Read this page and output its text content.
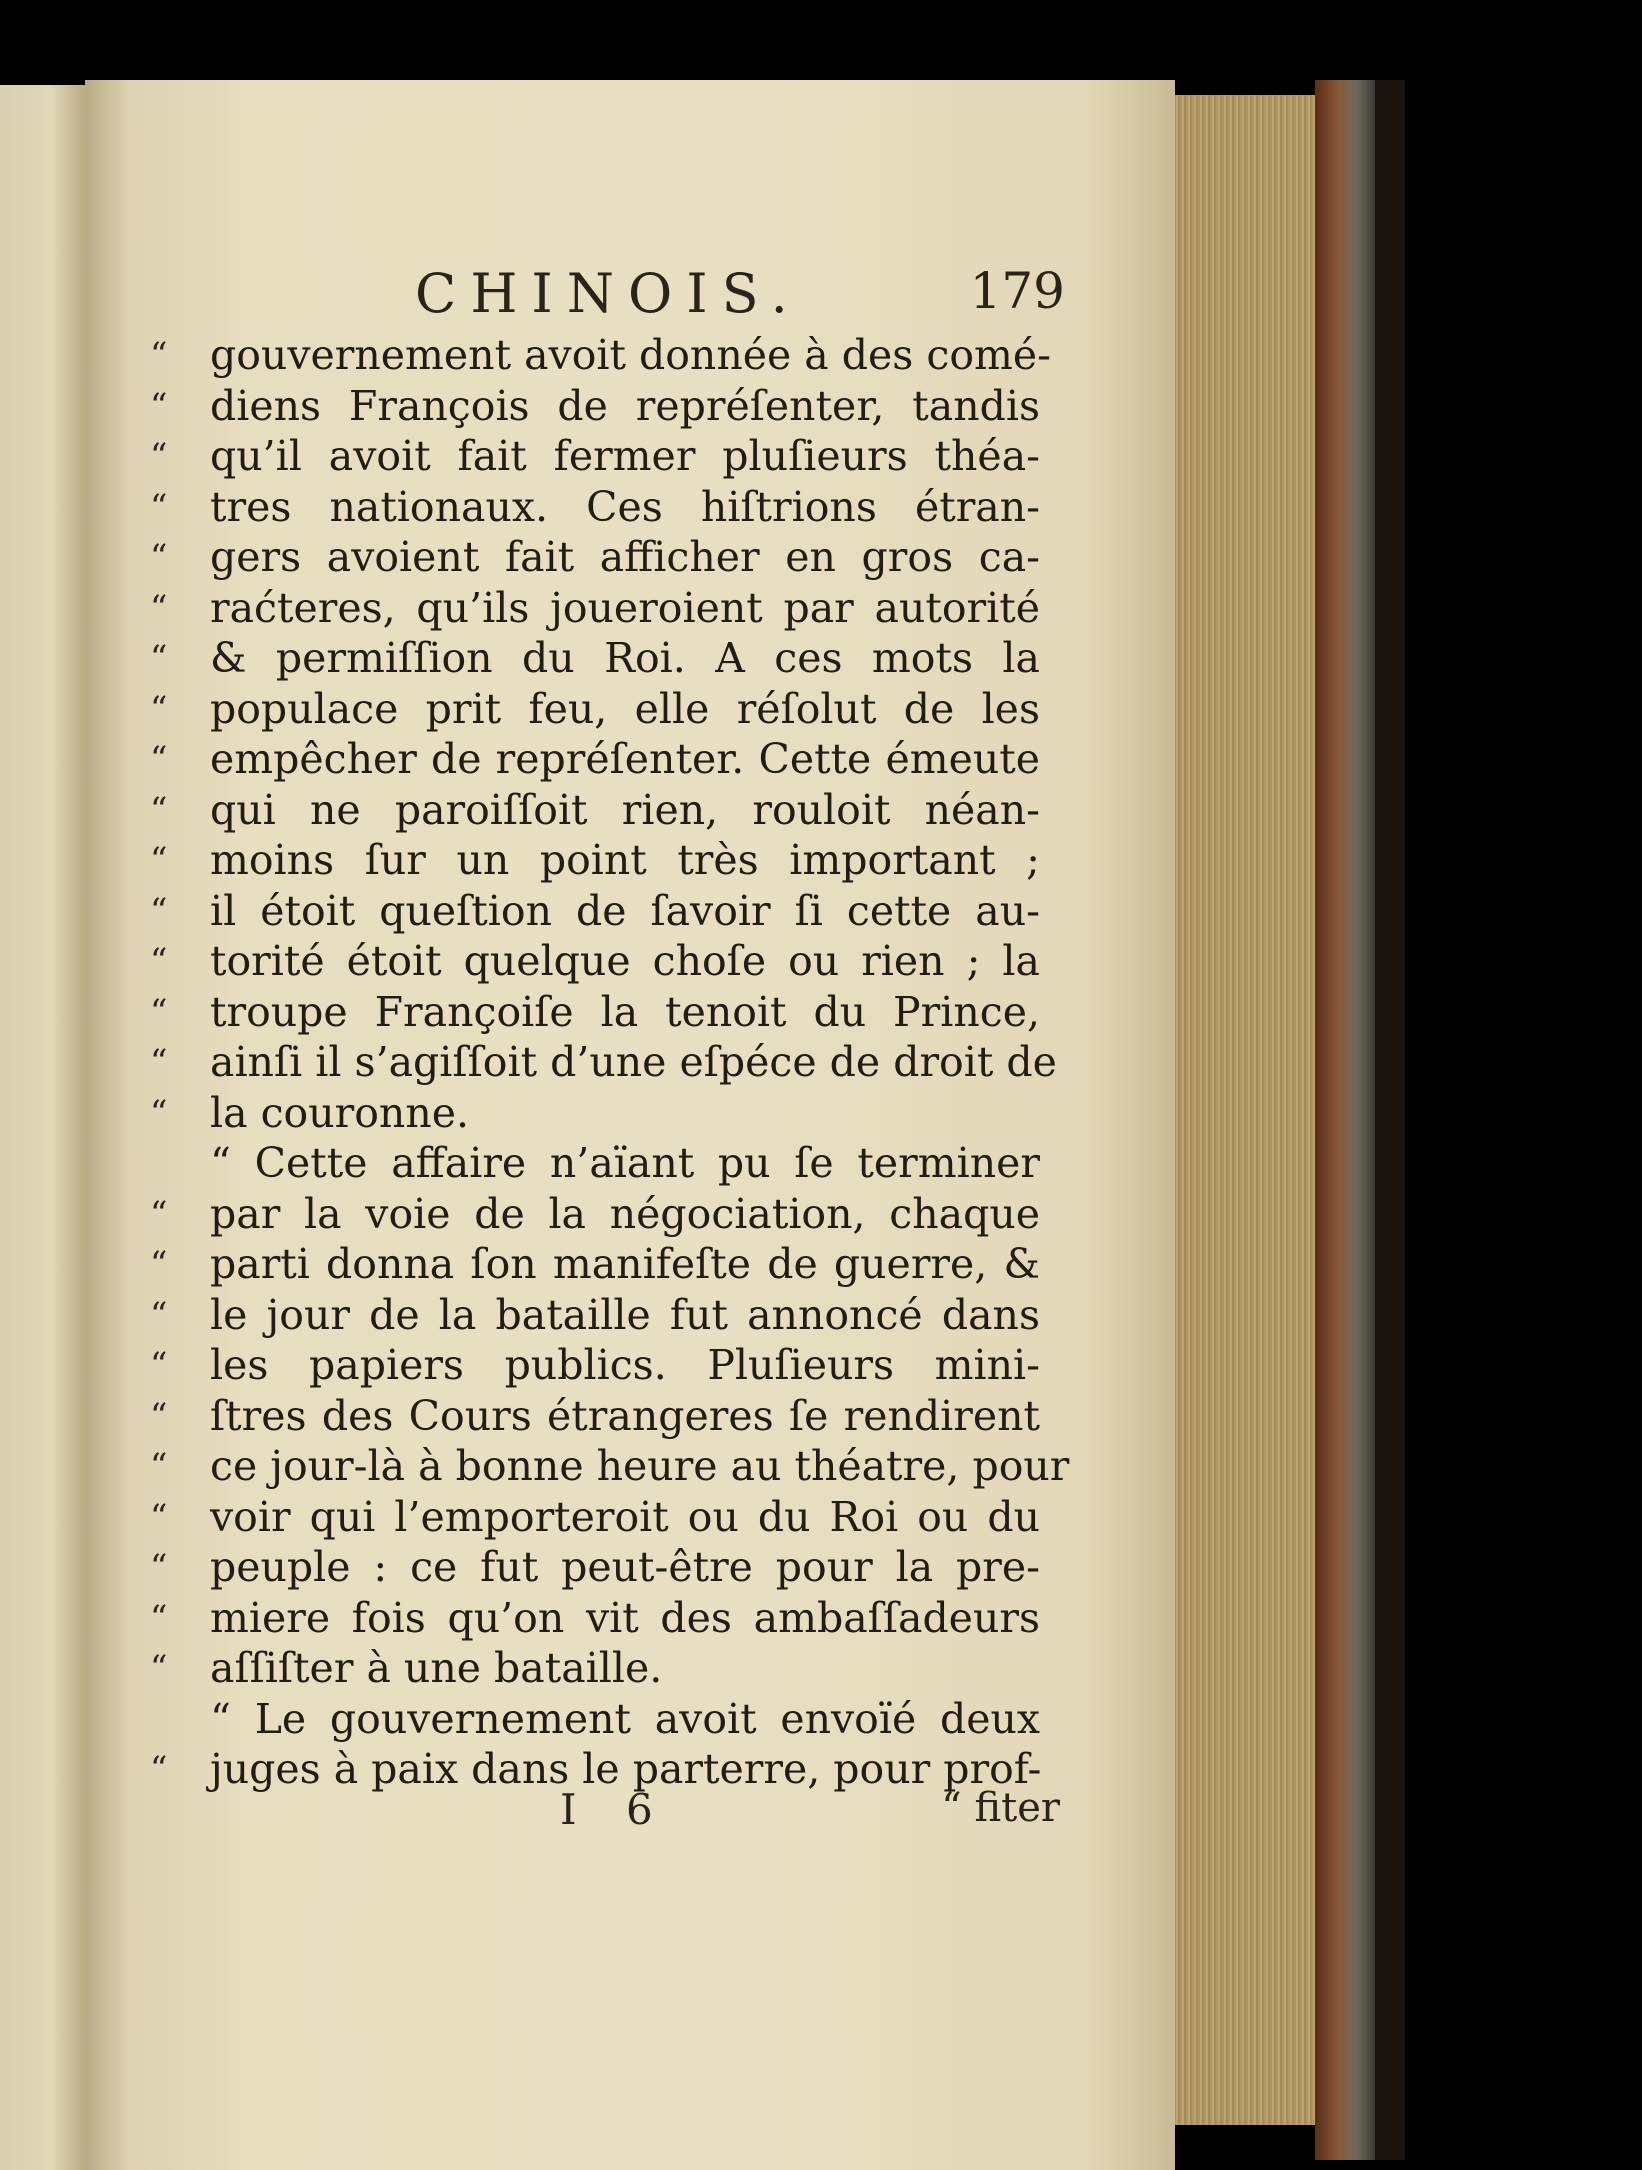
CHINOIS.	179
“	gouvernement avoit donnée à des comé-
“	diens François de repréſenter, tandis
“	qu’il avoit fait fermer pluſieurs théa-
“	tres nationaux. Ces hiſtrions étran-
“	gers avoient fait afficher en gros ca-
“	raćteres, qu’ils joueroient par autorité
“	& permiſſion du Roi. A ces mots la
“	populace prit feu, elle réſolut de les
“	empêcher de repréſenter. Cette émeute
“	qui ne paroiſſoit rien, rouloit néan-
“	moins ſur un point très important ;
“	il étoit queſtion de ſavoir ſi cette au-
“	torité étoit quelque choſe ou rien ; la
“	troupe Françoiſe la tenoit du Prince,
“	ainſi il s’agiſſoit d’une eſpéce de droit de
“	la couronne.
“ Cette affaire n’aïant pu ſe terminer
“	par la voie de la négociation, chaque
“	parti donna ſon manifeſte de guerre, &
“	le jour de la bataille fut annoncé dans
“	les papiers publics. Pluſieurs mini-
“	ſtres des Cours étrangeres ſe rendirent
“	ce jour-là à bonne heure au théatre, pour
“	voir qui l’emporteroit ou du Roi ou du
“	peuple : ce fut peut-être pour la pre-
“	miere fois qu’on vit des ambaſſadeurs
“	aſſiſter à une bataille.
“ Le gouvernement avoit envoïé deux
“	juges à paix dans le parterre, pour prof-
I 6	“ fiter
